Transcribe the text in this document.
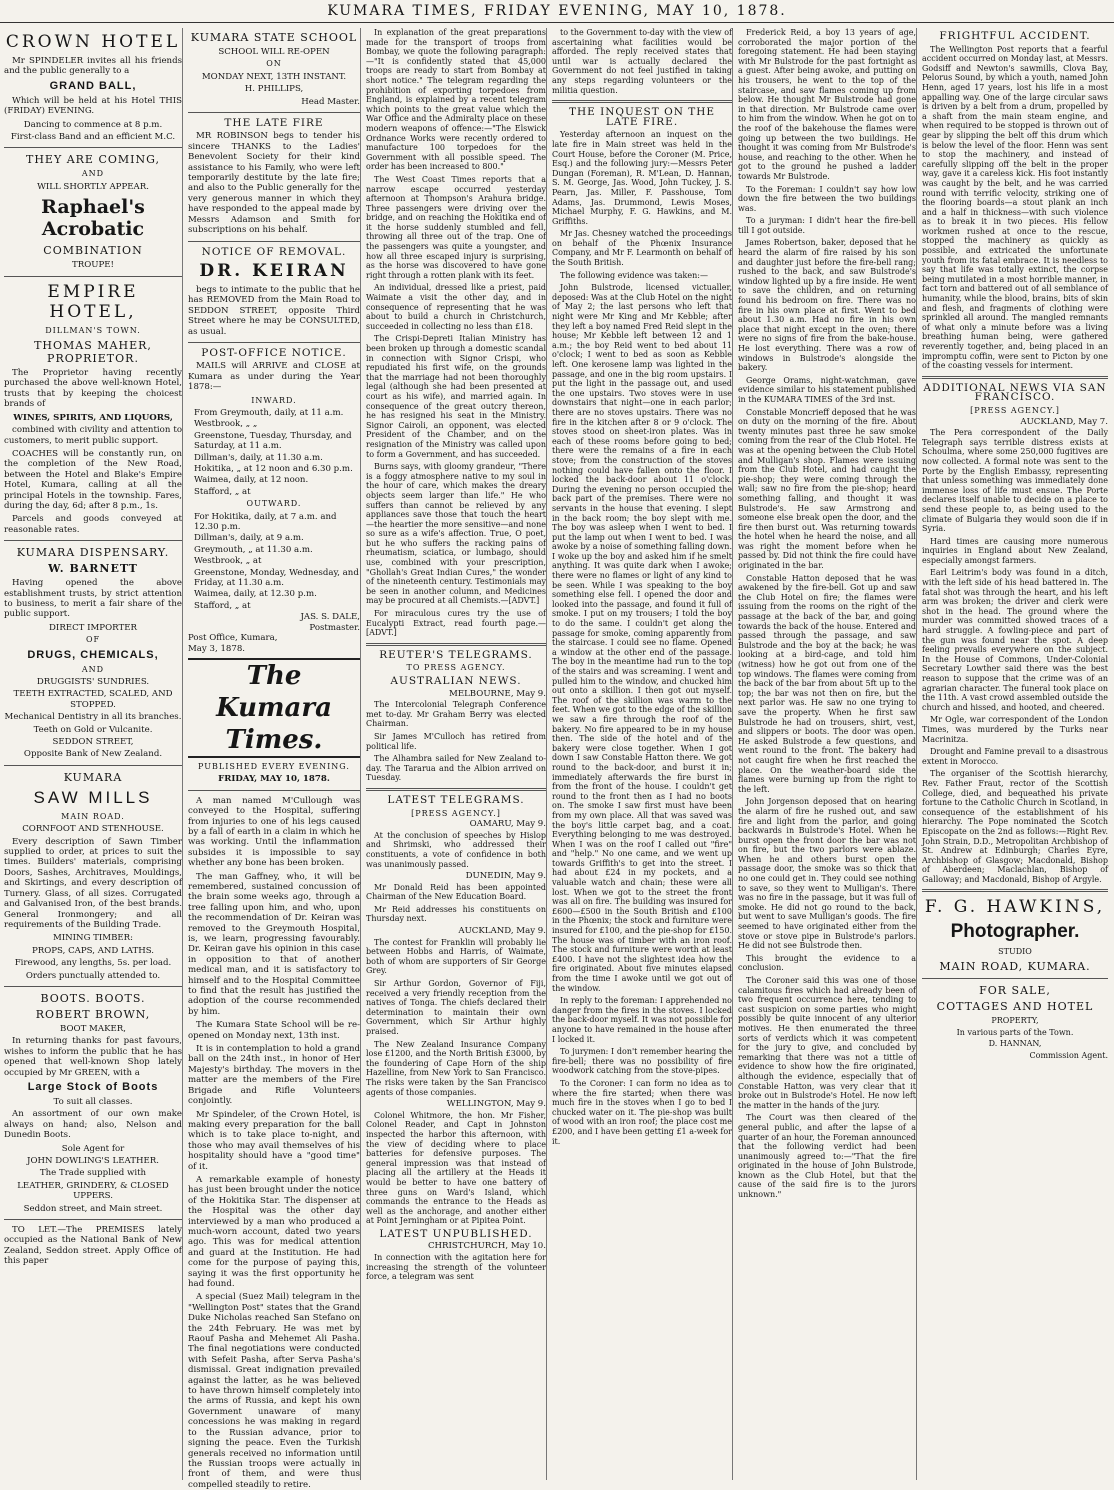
KUMARA TIMES, FRIDAY EVENING, MAY 10, 1878.
CROWN HOTEL

Mr SPINDELER invites all his friends and the public generally to a

GRAND BALL,

Which will be held at his Hotel THIS (FRIDAY) EVENING.

Dancing to commence at 8 p.m.
First-class Band and an efficient M.C.
THEY ARE COMING,
AND
WILL SHORTLY APPEAR.
Raphael's Acrobatic
COMBINATION
TROUPE!
EMPIRE HOTEL,
DILLMAN'S TOWN.
THOMAS MAHER, PROPRIETOR.

The Proprietor having recently purchased the above well-known Hotel, trusts that by keeping the choicest brands of

WINES, SPIRITS, AND LIQUORS,

combined with civility and attention to customers, to merit public support.

COACHES will be constantly run, on the completion of the New Road, between the Hotel and Blake's Empire Hotel, Kumara, calling at all the principal Hotels in the township. Fares, during the day, 6d; after 8 p.m., 1s.

Parcels and goods conveyed at reasonable rates.

KUMARA DISPENSARY.
W. BARNETT

Having opened the above establishment trusts, by strict attention to business, to merit a fair share of the public support.

DIRECT IMPORTER
OF
DRUGS, CHEMICALS,
AND
DRUGGISTS' SUNDRIES.
TEETH EXTRACTED, SCALED, AND STOPPED.
Mechanical Dentistry in all its branches.
Teeth on Gold or Vulcanite.
SEDDON STREET,
Opposite Bank of New Zealand.
KUMARA
SAW MILLS
MAIN ROAD.
CORNFOOT AND STENHOUSE.

Every description of Sawn Timber supplied to order, at prices to suit the times. Builders' materials, comprising Doors, Sashes, Architraves, Mouldings, and Skirtings, and every description of Turnery. Glass, of all sizes. Corrugated and Galvanised Iron, of the best brands. General Ironmongery; and all requirements of the Building Trade.

MINING TIMBER:
PROPS, CAPS, AND LATHS.
Firewood, any lengths, 5s. per load.
Orders punctually attended to.
BOOTS. BOOTS.
ROBERT BROWN,
BOOT MAKER,

In returning thanks for past favours, wishes to inform the public that he has opened that well-known Shop lately occupied by Mr GREEN, with a

Large Stock of Boots
To suit all classes.

An assortment of our own make always on hand; also, Nelson and Dunedin Boots.

Sole Agent for
JOHN DOWLING'S LEATHER.
The Trade supplied with
LEATHER, GRINDERY, & CLOSED UPPERS.
Seddon street, and Main street.

TO LET.—The PREMISES lately occupied as the National Bank of New Zealand, Seddon street. Apply Office of this paper

KUMARA STATE SCHOOL
SCHOOL WILL RE-OPEN
ON
MONDAY NEXT, 13TH INSTANT.
H. PHILLIPS,
Head Master.
THE LATE FIRE

MR ROBINSON begs to tender his sincere THANKS to the Ladies' Benevolent Society for their kind assistance to his Family, who were left temporarily destitute by the late fire; and also to the Public generally for the very generous manner in which they have responded to the appeal made by Messrs Adamson and Smith for subscriptions on his behalf.

NOTICE OF REMOVAL.
DR. KEIRAN

begs to intimate to the public that he has REMOVED from the Main Road to SEDDON STREET, opposite Third Street where he may be CONSULTED, as usual.

POST-OFFICE NOTICE.

MAILS will ARRIVE and CLOSE at Kumara as under during the Year 1878:—

INWARD.
From Greymouth, daily, at 11 a.m.
Westbrook, „ „
Greenstone, Tuesday, Thursday, and Saturday, at 11 a.m.
Dillman's, daily, at 11.30 a.m.
Hokitika, „ at 12 noon and 6.30 p.m.
Waimea, daily, at 12 noon.
Stafford, „ at
OUTWARD.
For Hokitika, daily, at 7 a.m. and 12.30 p.m.
Dillman's, daily, at 9 a.m.
Greymouth, „ at 11.30 a.m.
Westbrook, „ at
Greenstone, Monday, Wednesday, and Friday, at 11.30 a.m.
Waimea, daily, at 12.30 p.m.
Stafford, „ at
JAS. S. DALE,
Postmaster.
Post Office, Kumara,
May 3, 1878.
The Kumara Times.
PUBLISHED EVERY EVENING.
FRIDAY, MAY 10, 1878.

A man named M'Cullough was conveyed to the Hospital, suffering from injuries to one of his legs caused by a fall of earth in a claim in which he was working. Until the inflammation subsides it is impossible to say whether any bone has been broken.

The man Gaffney, who, it will be remembered, sustained concussion of the brain some weeks ago, through a tree falling upon him, and who, upon the recommendation of Dr. Keiran was removed to the Greymouth Hospital, is, we learn, progressing favourably. Dr. Keiran gave his opinion in this case in opposition to that of another medical man, and it is satisfactory to himself and to the Hospital Committee to find that the result has justified the adoption of the course recommended by him.

The Kumara State School will be re-opened on Monday next, 13th inst.

It is in contemplation to hold a grand ball on the 24th inst., in honor of Her Majesty's birthday. The movers in the matter are the members of the Fire Brigade and Rifle Volunteers conjointly.

Mr Spindeler, of the Crown Hotel, is making every preparation for the ball which is to take place to-night, and those who may avail themselves of his hospitality should have a "good time" of it.

A remarkable example of honesty has just been brought under the notice of the Hokitika Star. The dispenser at the Hospital was the other day interviewed by a man who produced a much-worn account, dated two years ago. This was for medical attention and guard at the Institution. He had come for the purpose of paying this, saying it was the first opportunity he had found.

A special (Suez Mail) telegram in the "Wellington Post" states that the Grand Duke Nicholas reached San Stefano on the 24th February. He was met by Raouf Pasha and Mehemet Ali Pasha. The final negotiations were conducted with Sefeit Pasha, after Serva Pasha's dismissal. Great indignation prevailed against the latter, as he was believed to have thrown himself completely into the arms of Russia, and kept his own Government unaware of many concessions he was making in regard to the Russian advance, prior to signing the peace. Even the Turkish generals received no information until the Russian troops were actually in front of them, and were thus compelled steadily to retire.

In explanation of the great preparations made for the transport of troops from Bombay, we quote the following paragraph:—"It is confidently stated that 45,000 troops are ready to start from Bombay at short notice." The telegram regarding the prohibition of exporting torpedoes from England, is explained by a recent telegram which points to the great value which the War Office and the Admiralty place on these modern weapons of offence:—"The Elswick Ordnance Works were recently ordered to manufacture 100 torpedoes for the Government with all possible speed. The order has been increased to 800."

The West Coast Times reports that a narrow escape occurred yesterday afternoon at Thompson's Arahura bridge. Three passengers were driving over the bridge, and on reaching the Hokitika end of it the horse suddenly stumbled and fell, throwing all three out of the trap. One of the passengers was quite a youngster, and how all three escaped injury is surprising, as the horse was discovered to have gone right through a rotten plank with its feet.

An individual, dressed like a priest, paid Waimate a visit the other day, and in consequence of representing that he was about to build a church in Christchurch, succeeded in collecting no less than £18.

The Crispi-Depreti Italian Ministry has been broken up through a domestic scandal in connection with Signor Crispi, who repudiated his first wife, on the grounds that the marriage had not been thoroughly legal (although she had been presented at court as his wife), and married again. In consequence of the great outcry thereon, he has resigned his seat in the Ministry. Signor Cairoli, an opponent, was elected President of the Chamber, and on the resignation of the Ministry was called upon to form a Government, and has succeeded.

Burns says, with gloomy grandeur, "There is a foggy atmosphere native to my soul in the hour of care, which makes the dreary objects seem larger than life." He who suffers than cannot be relieved by any appliances save those that touch the heart—the heartier the more sensitive—and none so sure as a wife's affection. True, O poet, but he who suffers the racking pains of rheumatism, sciatica, or lumbago, should use, combined with your prescription, "Ghollah's Great Indian Cures," the wonder of the nineteenth century. Testimonials may be seen in another column, and Medicines may be procured at all Chemists.—[ADVT.]

For miraculous cures try the use of Eucalypti Extract, read fourth page.—[ADVT.]

REUTER'S TELEGRAMS.
TO PRESS AGENCY.
AUSTRALIAN NEWS.
MELBOURNE, May 9.

The Intercolonial Telegraph Conference met to-day. Mr Graham Berry was elected Chairman.

Sir James M'Culloch has retired from political life.

The Alhambra sailed for New Zealand to-day. The Tararua and the Albion arrived on Tuesday.

LATEST TELEGRAMS.
[PRESS AGENCY.]
OAMARU, May 9.

At the conclusion of speeches by Hislop and Shrimski, who addressed their constituents, a vote of confidence in both was unanimously passed.

DUNEDIN, May 9.

Mr Donald Reid has been appointed Chairman of the New Education Board.

Mr Reid addresses his constituents on Thursday next.

AUCKLAND, May 9.

The contest for Franklin will probably lie between Hobbs and Harris, of Waimate, both of whom are supporters of Sir George Grey.

Sir Arthur Gordon, Governor of Fiji, received a very friendly reception from the natives of Tonga. The chiefs declared their determination to maintain their own Government, which Sir Arthur highly praised.

The New Zealand Insurance Company lose £1200, and the North British £3000, by the foundering of Cape Horn of the ship Hazelline, from New York to San Francisco. The risks were taken by the San Francisco agents of those companies.

WELLINGTON, May 9.

Colonel Whitmore, the hon. Mr Fisher, Colonel Reader, and Capt in Johnston inspected the harbor this afternoon, with the view of deciding where to place batteries for defensive purposes. The general impression was that instead of placing all the artillery at the Heads it would be better to have one battery of three guns on Ward's Island, which commands the entrance to the Heads as well as the anchorage, and another either at Point Jerningham or at Pipitea Point.

LATEST UNPUBLISHED.
CHRISTCHURCH, May 10.

In connection with the agitation here for increasing the strength of the volunteer force, a telegram was sent

to the Government to-day with the view of ascertaining what facilities would be afforded. The reply received states that until war is actually declared the Government do not feel justified in taking any steps regarding volunteers or the militia question.

THE INQUEST ON THE LATE FIRE.

Yesterday afternoon an inquest on the late fire in Main street was held in the Court House, before the Coroner (M. Price, Esq.) and the following jury:—Messrs Peter Dungan (Foreman), R. M'Lean, D. Hannan, S. M. George, Jas. Wood, John Tuckey, J. S. Pearn, Jas. Miller, F. Passhouse, Tom Adams, Jas. Drummond, Lewis Moses, Michael Murphy, F. G. Hawkins, and M. Griffiths.

Mr Jas. Chesney watched the proceedings on behalf of the Phœnix Insurance Company, and Mr F. Learmonth on behalf of the South British.

The following evidence was taken:—

John Bulstrode, licensed victualler, deposed: Was at the Club Hotel on the night of May 2; the last persons who left that night were Mr King and Mr Kebble; after they left a boy named Fred Reid slept in the house; Mr Kebble left between 12 and 1 a.m.; the boy Reid went to bed about 11 o'clock; I went to bed as soon as Kebble left. One kerosene lamp was lighted in the passage, and one in the big room upstairs. I put the light in the passage out, and used the one upstairs. Two stoves were in use downstairs that night—one in each parlor; there are no stoves upstairs. There was no fire in the kitchen after 8 or 9 o'clock. The stoves stood on sheet-iron plates. Was in each of these rooms before going to bed; there were the remains of a fire in each stove; from the construction of the stoves nothing could have fallen onto the floor. I locked the back-door about 11 o'clock. During the evening no person occupied the back part of the premises. There were no servants in the house that evening. I slept in the back room; the boy slept with me. The boy was asleep when I went to bed. I put the lamp out when I went to bed. I was awoke by a noise of something falling down. I woke up the boy and asked him if he smelt anything. It was quite dark when I awoke; there were no flames or light of any kind to be seen. While I was speaking to the boy something else fell. I opened the door and looked into the passage, and found it full of smoke. I put on my trousers; I told the boy to do the same. I couldn't get along the passage for smoke, coming apparently from the staircase. I could see no flame. Opened a window at the other end of the passage. The boy in the meantime had run to the top of the stairs and was screaming. I went and pulled him to the window, and chucked him out onto a skillion. I then got out myself. The roof of the skillion was warm to the feet. When we got to the edge of the skillion we saw a fire through the roof of the bakery. No fire appeared to be in my house then. The side of the hotel and of the bakery were close together. When I got down I saw Constable Hatton there. We got round to the back-door, and burst it in; immediately afterwards the fire burst in from the front of the house. I couldn't get round to the front then as I had no boots on. The smoke I saw first must have been from my own place. All that was saved was the boy's little carpet bag, and a coat. Everything belonging to me was destroyed. When I was on the roof I called out "fire" and "help." No one came, and we went up towards Griffith's to get into the street. I had about £24 in my pockets, and a valuable watch and chain; these were all lost. When we got to the street the front was all on fire. The building was insured for £600—£500 in the South British and £100 in the Phœnix; the stock and furniture were insured for £100, and the pie-shop for £150. The house was of timber with an iron roof. The stock and furniture were worth at least £400. I have not the slightest idea how the fire originated. About five minutes elapsed from the time I awoke until we got out of the window.

In reply to the foreman: I apprehended no danger from the fires in the stoves. I locked the back-door myself. It was not possible for anyone to have remained in the house after I locked it.

To jurymen: I don't remember hearing the fire-bell; there was no possibility of fire woodwork catching from the stove-pipes.

To the Coroner: I can form no idea as to where the fire started; when there was much fire in the stoves when I go to bed I chucked water on it. The pie-shop was built of wood with an iron roof; the place cost me £200, and I have been getting £1 a-week for it.

Frederick Reid, a boy 13 years of age, corroborated the major portion of the foregoing statement. He had been staying with Mr Bulstrode for the past fortnight as a guest. After being awoke, and putting on his trousers, he went to the top of the staircase, and saw flames coming up from below. He thought Mr Bulstrode had gone in that direction. Mr Bulstrode came over to him from the window. When he got on to the roof of the bakehouse the flames were going up between the two buildings. He thought it was coming from Mr Bulstrode's house, and reaching to the other. When he got to the ground he pushed a ladder towards Mr Bulstrode.

To the Foreman: I couldn't say how low down the fire between the two buildings was.

To a juryman: I didn't hear the fire-bell till I got outside.

James Robertson, baker, deposed that he heard the alarm of fire raised by his son and daughter just before the fire-bell rang; rushed to the back, and saw Bulstrode's window lighted up by a fire inside. He went to save the children, and on returning found his bedroom on fire. There was no fire in his own place at first. Went to bed about 1.30 a.m. Had no fire in his own place that night except in the oven; there were no signs of fire from the bake-house. He lost everything. There was a row of windows in Bulstrode's alongside the bakery.

George Orams, night-watchman, gave evidence similar to his statement published in the KUMARA TIMES of the 3rd inst.

Constable Moncrieff deposed that he was on duty on the morning of the fire. About twenty minutes past three he saw smoke coming from the rear of the Club Hotel. He was at the opening between the Club Hotel and Mulligan's shop. Flames were issuing from the Club Hotel, and had caught the pie-shop; they were coming through the wall; saw no fire from the pie-shop; heard something falling, and thought it was Bulstrode's. He saw Armstrong and someone else break open the door, and the fire then burst out. Was returning towards the hotel when he heard the noise, and all was right the moment before when he passed by. Did not think the fire could have originated in the bar.

Constable Hatton deposed that he was awakened by the fire-bell. Got up and saw the Club Hotel on fire; the flames were issuing from the rooms on the right of the passage at the back of the bar, and going towards the back of the house. Entered and passed through the passage, and saw Bulstrode and the boy at the back; he was looking at a bird-cage, and told him (witness) how he got out from one of the top windows. The flames were coming from the back of the bar from about 5ft up to the top; the bar was not then on fire, but the next parlor was. He saw no one trying to save the property. When he first saw Bulstrode he had on trousers, shirt, vest, and slippers or boots. The door was open. He asked Bulstrode a few questions, and went round to the front. The bakery had not caught fire when he first reached the place. On the weather-board side the flames were burning up from the right to the left.

John Jorgenson deposed that on hearing the alarm of fire he rushed out, and saw fire and light from the parlor, and going backwards in Bulstrode's Hotel. When he burst open the front door the bar was not on fire, but the two parlors were ablaze. When he and others burst open the passage door, the smoke was so thick that no one could get in. They could see nothing to save, so they went to Mulligan's. There was no fire in the passage, but it was full of smoke. He did not go round to the back, but went to save Mulligan's goods. The fire seemed to have originated either from the stove or stove pipe in Bulstrode's parlors. He did not see Bulstrode then.

This brought the evidence to a conclusion.

The Coroner said this was one of those calamitous fires which had already been of two frequent occurrence here, tending to cast suspicion on some parties who might possibly be quite innocent of any ulterior motives. He then enumerated the three sorts of verdicts which it was competent for the jury to give, and concluded by remarking that there was not a tittle of evidence to show how the fire originated, although the evidence, especially that of Constable Hatton, was very clear that it broke out in Bulstrode's Hotel. He now left the matter in the hands of the jury.

The Court was then cleared of the general public, and after the lapse of a quarter of an hour, the Foreman announced that the following verdict had been unanimously agreed to:—"That the fire originated in the house of John Bulstrode, known as the Club Hotel, but that the cause of the said fire is to the jurors unknown."

FRIGHTFUL ACCIDENT.

The Wellington Post reports that a fearful accident occurred on Monday last, at Messrs. Godsiff and Newton's sawmills, Clova Bay, Pelorus Sound, by which a youth, named John Henn, aged 17 years, lost his life in a most appalling way. One of the large circular saws is driven by a belt from a drum, propelled by a shaft from the main steam engine, and when required to be stopped is thrown out of gear by slipping the belt off this drum which is below the level of the floor. Henn was sent to stop the machinery, and instead of carefully slipping off the belt in the proper way, gave it a careless kick. His foot instantly was caught by the belt, and he was carried round with terrific velocity, striking one of the flooring boards—a stout plank an inch and a half in thickness—with such violence as to break it in two pieces. His fellow workmen rushed at once to the rescue, stopped the machinery as quickly as possible, and extricated the unfortunate youth from its fatal embrace. It is needless to say that life was totally extinct, the corpse being mutilated in a most horrible manner, in fact torn and battered out of all semblance of humanity, while the blood, brains, bits of skin and flesh, and fragments of clothing were sprinkled all around. The mangled remnants of what only a minute before was a living breathing human being, were gathered reverently together, and, being placed in an impromptu coffin, were sent to Picton by one of the coasting vessels for interment.

ADDITIONAL NEWS VIA SAN FRANCISCO.
[PRESS AGENCY.]
AUCKLAND, May 7.

The Pera correspondent of the Daily Telegraph says terrible distress exists at Schoulma, where some 250,000 fugitives are now collected. A formal note was sent to the Porte by the English Embassy, representing that unless something was immediately done immense loss of life must ensue. The Porte declares itself unable to decide on a place to send these people to, as being used to the climate of Bulgaria they would soon die if in Syria.

Hard times are causing more numerous inquiries in England about New Zealand, especially amongst farmers.

Earl Leitrim's body was found in a ditch, with the left side of his head battered in. The fatal shot was through the heart, and his left arm was broken; the driver and clerk were shot in the head. The ground where the murder was committed showed traces of a hard struggle. A fowling-piece and part of the gun was found near the spot. A deep feeling prevails everywhere on the subject. In the House of Commons, Under-Colonial Secretary Lowther said there was the best reason to suppose that the crime was of an agrarian character. The funeral took place on the 11th. A vast crowd assembled outside the church and hissed, and hooted, and cheered.

Mr Ogle, war correspondent of the London Times, was murdered by the Turks near Macrinitza.

Drought and Famine prevail to a disastrous extent in Morocco.

The organiser of the Scottish hierarchy, Rev. Father Fraut, rector of the Scottish College, died, and bequeathed his private fortune to the Catholic Church in Scotland, in consequence of the establishment of his hierarchy. The Pope nominated the Scotch Episcopate on the 2nd as follows:—Right Rev. John Strain, D.D., Metropolitan Archbishop of St. Andrew at Edinburgh; Charles Eyre, Archbishop of Glasgow; Macdonald, Bishop of Aberdeen; Maclachlan, Bishop of Galloway; and Macdonald, Bishop of Argyle.

F. G. HAWKINS,
Photographer.
STUDIO
MAIN ROAD, KUMARA.
FOR SALE,
COTTAGES AND HOTEL
PROPERTY,
In various parts of the Town.
D. HANNAN,
Commission Agent.
